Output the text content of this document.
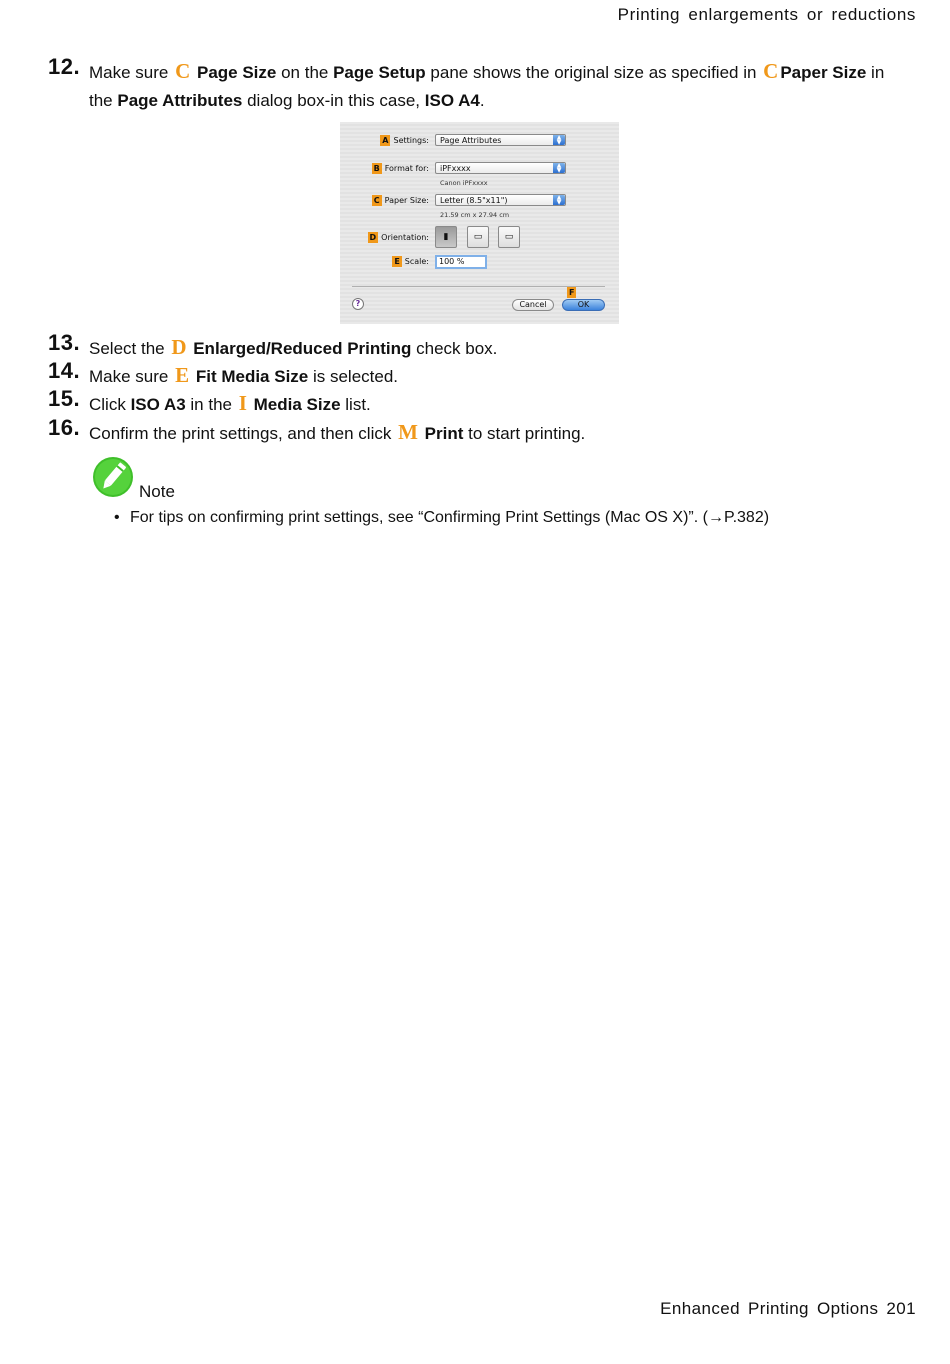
Printing enlargements or reductions
12. Make sure C Page Size on the Page Setup pane shows the original size as specified in C Paper Size in the Page Attributes dialog box-in this case, ISO A4.
13. Select the D Enlarged/Reduced Printing check box.
14. Make sure E Fit Media Size is selected.
15. Click ISO A3 in the I Media Size list.
16. Confirm the print settings, and then click M Print to start printing.
A Settings:	Page Attributes	▲
▼
B Format for:	iPFxxxx	▲
▼
Canon iPFxxxx
C Paper Size:	Letter (8.5"x11")	▲
▼
21.59 cm x 27.94 cm
D Orientation:	▮	▭	▭
E Scale:	100 %
F
?	Cancel	OK
Note
• For tips on confirming print settings, see “Confirming Print Settings (Mac OS X)”. (→P.382)
Enhanced Printing Options 201
